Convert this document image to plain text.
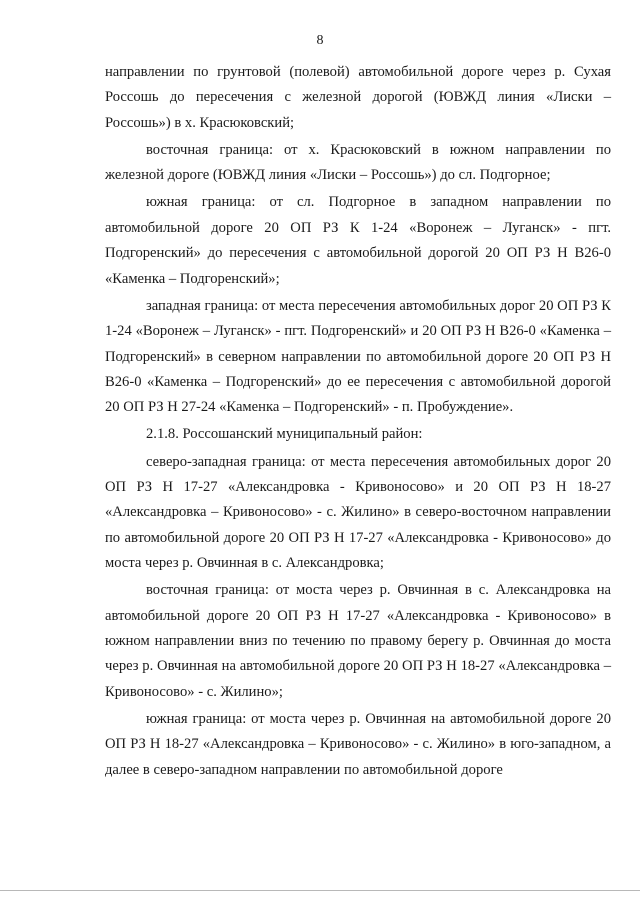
8

направлении по грунтовой (полевой) автомобильной дороге через р. Сухая Россошь до пересечения с железной дорогой (ЮВЖД линия «Лиски – Россошь») в х. Красюковский;

восточная граница: от х. Красюковский в южном направлении по железной дороге (ЮВЖД линия «Лиски – Россошь») до сл. Подгорное;

южная граница: от сл. Подгорное в западном направлении по автомобильной дороге 20 ОП РЗ К 1-24 «Воронеж – Луганск» - пгт. Подгоренский» до пересечения с автомобильной дорогой 20 ОП РЗ Н В26-0 «Каменка – Подгоренский»;

западная граница: от места пересечения автомобильных дорог 20 ОП РЗ К 1-24 «Воронеж – Луганск» - пгт. Подгоренский» и 20 ОП РЗ Н В26-0 «Каменка – Подгоренский» в северном направлении по автомобильной дороге 20 ОП РЗ Н В26-0 «Каменка – Подгоренский» до ее пересечения с автомобильной дорогой 20 ОП РЗ Н 27-24 «Каменка – Подгоренский» - п. Пробуждение».

2.1.8. Россошанский муниципальный район:

северо-западная граница: от места пересечения автомобильных дорог 20 ОП РЗ Н 17-27 «Александровка - Кривоносово» и 20 ОП РЗ Н 18-27 «Александровка – Кривоносово» - с. Жилино» в северо-восточном направлении по автомобильной дороге 20 ОП РЗ Н 17-27 «Александровка - Кривоносово» до моста через р. Овчинная в с. Александровка;

восточная граница: от моста через р. Овчинная в с. Александровка на автомобильной дороге 20 ОП РЗ Н 17-27 «Александровка - Кривоносово» в южном направлении вниз по течению по правому берегу р. Овчинная до моста через р. Овчинная на автомобильной дороге 20 ОП РЗ Н 18-27 «Александровка – Кривоносово» - с. Жилино»;

южная граница: от моста через р. Овчинная на автомобильной дороге 20 ОП РЗ Н 18-27 «Александровка – Кривоносово» - с. Жилино» в юго-западном, а далее в северо-западном направлении по автомобильной дороге
